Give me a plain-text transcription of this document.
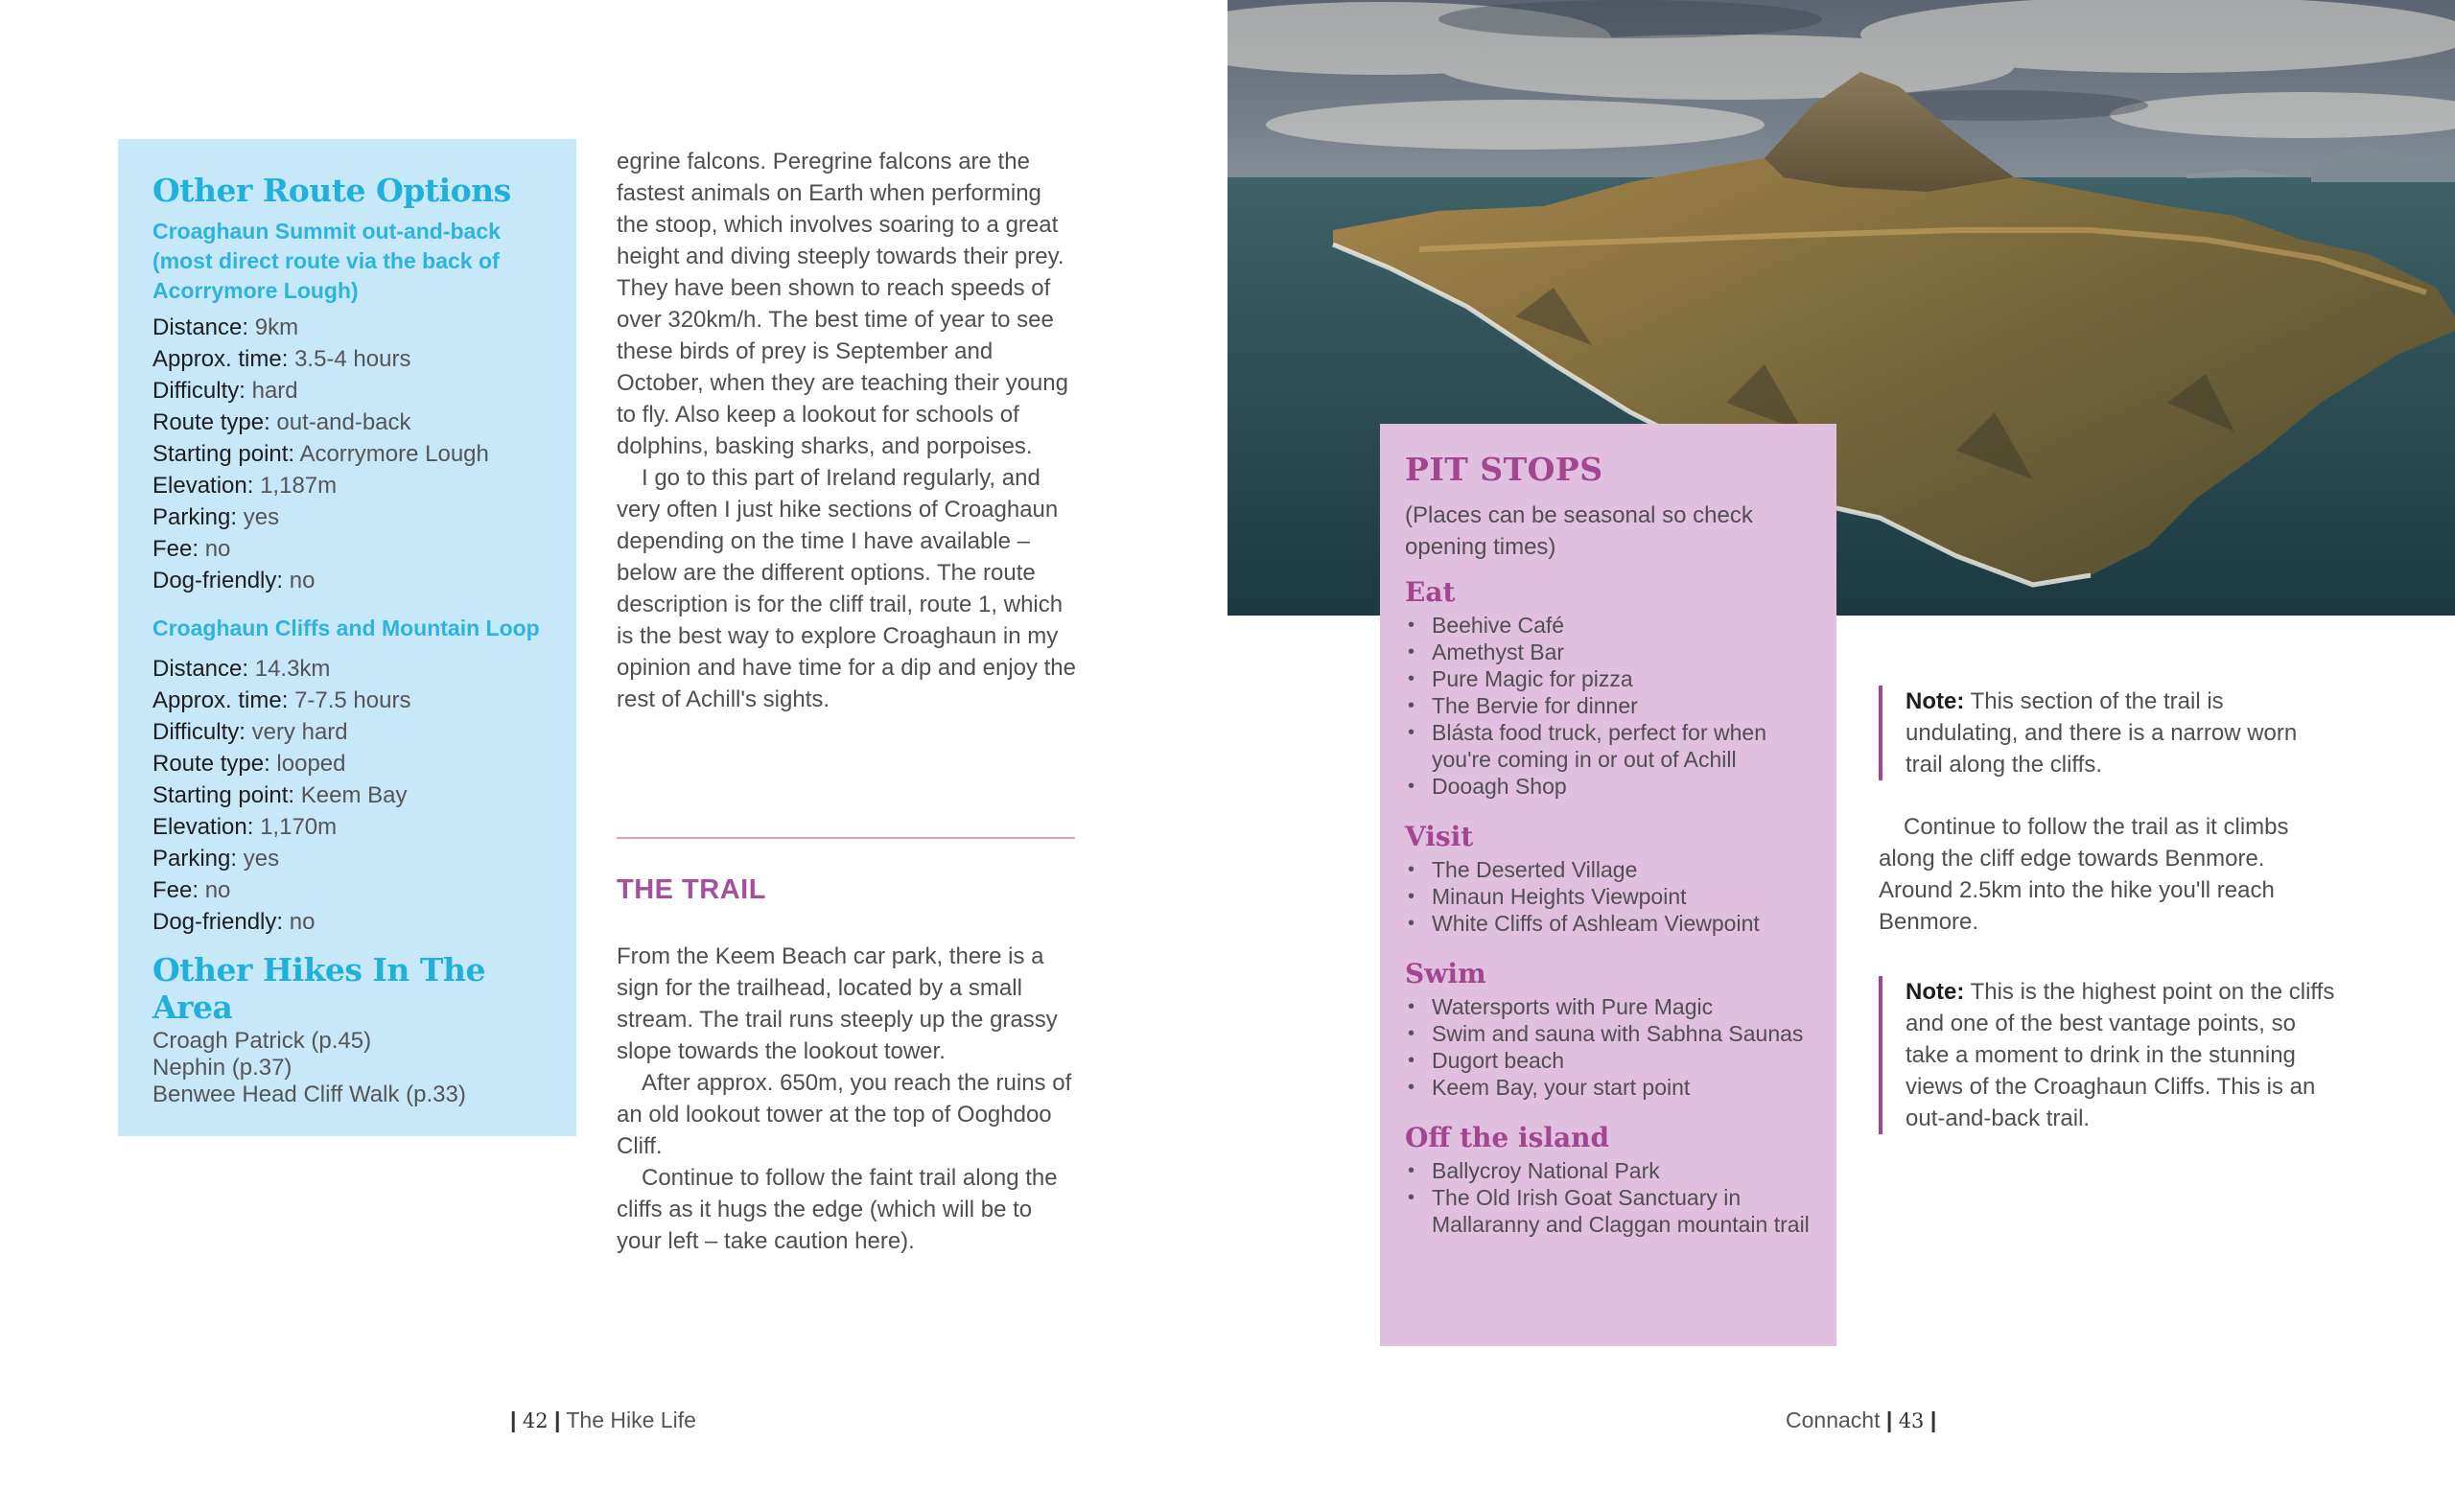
Other Route Options
Croaghaun Summit out-and-back (most direct route via the back of Acorrymore Lough)
Distance: 9km
Approx. time: 3.5-4 hours
Difficulty: hard
Route type: out-and-back
Starting point: Acorrymore Lough
Elevation: 1,187m
Parking: yes
Fee: no
Dog-friendly: no
Croaghaun Cliffs and Mountain Loop
Distance: 14.3km
Approx. time: 7-7.5 hours
Difficulty: very hard
Route type: looped
Starting point: Keem Bay
Elevation: 1,170m
Parking: yes
Fee: no
Dog-friendly: no
Other Hikes In The Area
Croagh Patrick (p.45)
Nephin (p.37)
Benwee Head Cliff Walk (p.33)

egrine falcons. Peregrine falcons are the fastest animals on Earth when performing the stoop, which involves soaring to a great height and diving steeply towards their prey. They have been shown to reach speeds of over 320km/h. The best time of year to see these birds of prey is September and October, when they are teaching their young to fly. Also keep a lookout for schools of dolphins, basking sharks, and porpoises.

I go to this part of Ireland regularly, and very often I just hike sections of Croaghaun depending on the time I have available – below are the different options. The route description is for the cliff trail, route 1, which is the best way to explore Croaghaun in my opinion and have time for a dip and enjoy the rest of Achill's sights.

THE TRAIL

From the Keem Beach car park, there is a sign for the trailhead, located by a small stream. The trail runs steeply up the grassy slope towards the lookout tower.

After approx. 650m, you reach the ruins of an old lookout tower at the top of Ooghdoo Cliff.

Continue to follow the faint trail along the cliffs as it hugs the edge (which will be to your left – take caution here).

PIT STOPS

(Places can be seasonal so check opening times)

Eat
• Beehive Café
• Amethyst Bar
• Pure Magic for pizza
• The Bervie for dinner
• Blásta food truck, perfect for when you're coming in or out of Achill
• Dooagh Shop
Visit
• The Deserted Village
• Minaun Heights Viewpoint
• White Cliffs of Ashleam Viewpoint
Swim
• Watersports with Pure Magic
• Swim and sauna with Sabhna Saunas
• Dugort beach
• Keem Bay, your start point
Off the island
• Ballycroy National Park
• The Old Irish Goat Sanctuary in Mallaranny and Claggan mountain trail
Note: This section of the trail is undulating, and there is a narrow worn trail along the cliffs.

Continue to follow the trail as it climbs along the cliff edge towards Benmore. Around 2.5km into the hike you'll reach Benmore.

Note: This is the highest point on the cliffs and one of the best vantage points, so take a moment to drink in the stunning views of the Croaghaun Cliffs. This is an out-and-back trail.
| 42 | The Hike Life	Connacht | 43 |
